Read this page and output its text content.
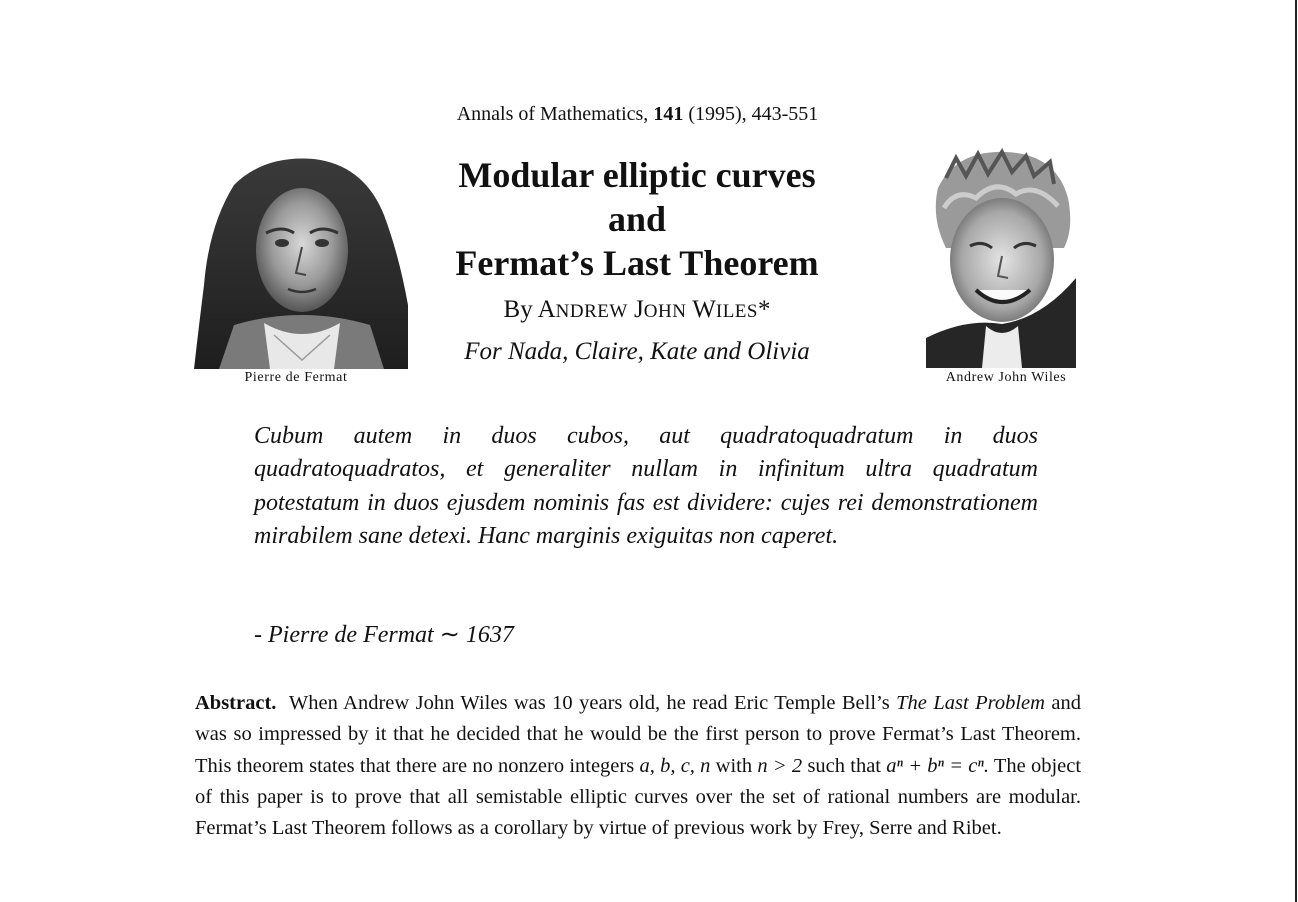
Annals of Mathematics, 141 (1995), 443-551
Pierre de Fermat	Andrew John Wiles
Modular elliptic curves
and
Fermat’s Last Theorem
By ANDREW JOHN WILES*
For Nada, Claire, Kate and Olivia
Cubum autem in duos cubos, aut quadratoquadratum in duos quadratoquadratos, et generaliter nullam in infinitum ultra quadratum potestatum in duos ejusdem nominis fas est dividere: cujes rei demonstrationem mirabilem sane detexi. Hanc marginis exiguitas non caperet.
- Pierre de Fermat ∼ 1637
Abstract. When Andrew John Wiles was 10 years old, he read Eric Temple Bell’s The Last Problem and was so impressed by it that he decided that he would be the first person to prove Fermat’s Last Theorem. This theorem states that there are no nonzero integers a, b, c, n with n > 2 such that aⁿ + bⁿ = cⁿ. The object of this paper is to prove that all semistable elliptic curves over the set of rational numbers are modular. Fermat’s Last Theorem follows as a corollary by virtue of previous work by Frey, Serre and Ribet.
